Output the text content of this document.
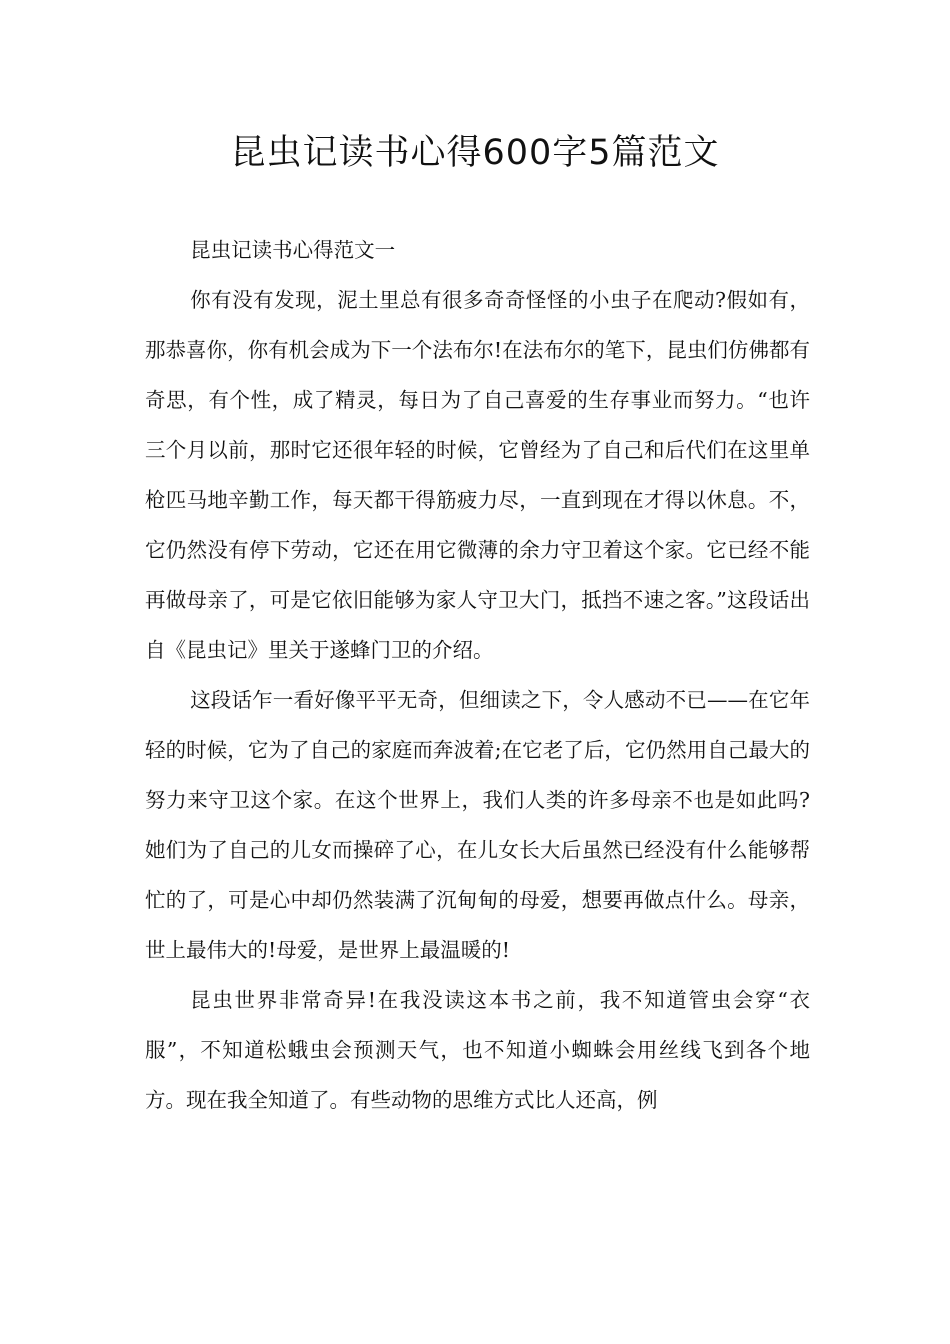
昆虫记读书心得600字5篇范文

昆虫记读书心得范文一

你有没有发现，泥土里总有很多奇奇怪怪的小虫子在爬动?假如有，那恭喜你，你有机会成为下一个法布尔!在法布尔的笔下，昆虫们仿佛都有奇思，有个性，成了精灵，每日为了自己喜爱的生存事业而努力。“也许三个月以前，那时它还很年轻的时候，它曾经为了自己和后代们在这里单枪匹马地辛勤工作，每天都干得筋疲力尽，一直到现在才得以休息。不，它仍然没有停下劳动，它还在用它微薄的余力守卫着这个家。它已经不能再做母亲了，可是它依旧能够为家人守卫大门，抵挡不速之客。”这段话出自《昆虫记》里关于遂蜂门卫的介绍。

这段话乍一看好像平平无奇，但细读之下，令人感动不已——在它年轻的时候，它为了自己的家庭而奔波着;在它老了后，它仍然用自己最大的努力来守卫这个家。在这个世界上，我们人类的许多母亲不也是如此吗?她们为了自己的儿女而操碎了心，在儿女长大后虽然已经没有什么能够帮忙的了，可是心中却仍然装满了沉甸甸的母爱，想要再做点什么。母亲，世上最伟大的!母爱，是世界上最温暖的!

昆虫世界非常奇异!在我没读这本书之前，我不知道管虫会穿“衣服”，不知道松蛾虫会预测天气，也不知道小蜘蛛会用丝线飞到各个地方。现在我全知道了。有些动物的思维方式比人还高，例
